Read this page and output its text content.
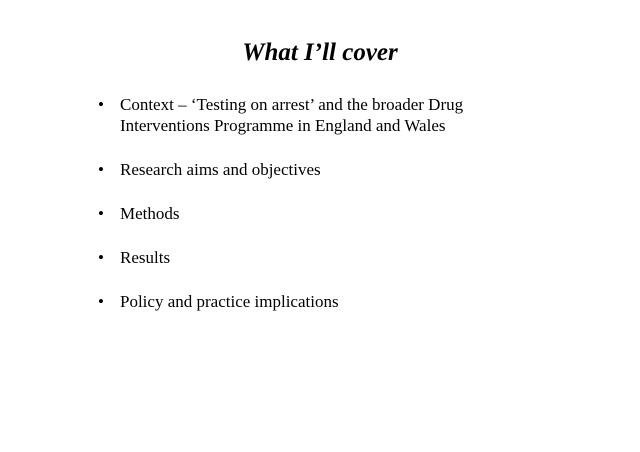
What I’ll cover
• Context – ‘Testing on arrest’ and the broader Drug
Interventions Programme in England and Wales
• Research aims and objectives
• Methods
• Results
• Policy and practice implications
